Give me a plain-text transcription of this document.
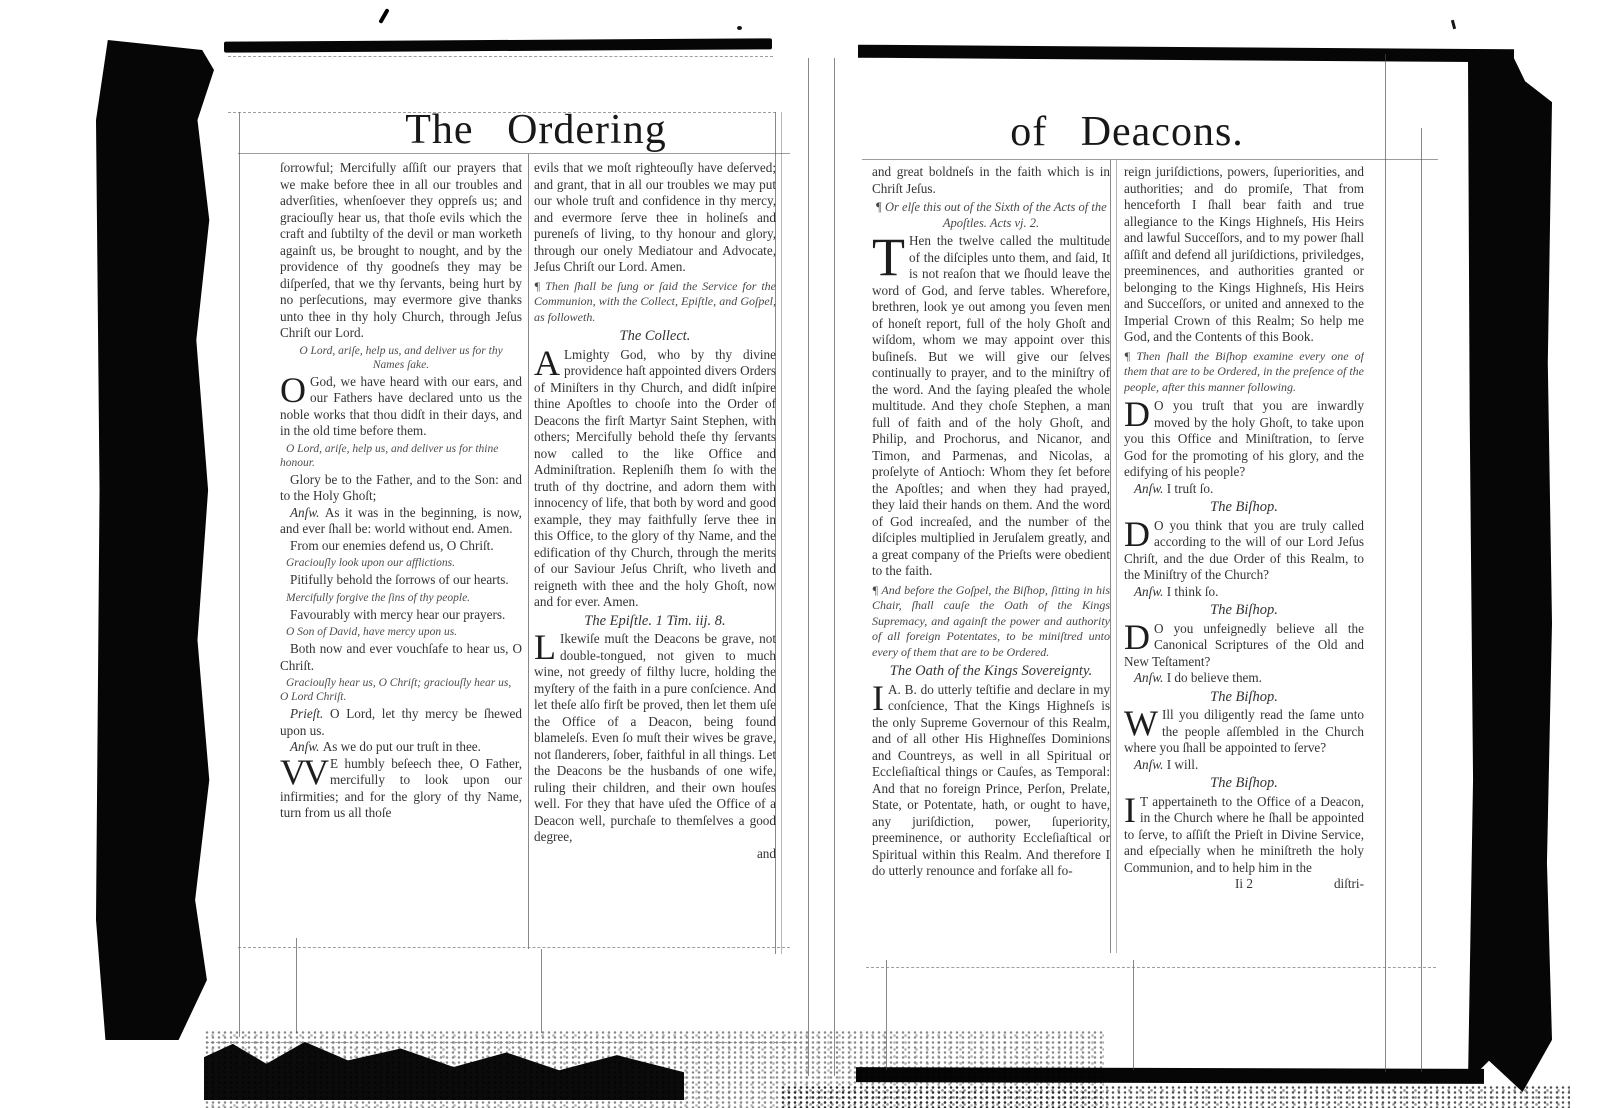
The Ordering	of Deacons.
ſorrowful; Mercifully aſſiſt our prayers that we make before thee in all our troubles and adverſities, whenſoever they oppreſs us; and graciouſly hear us, that thoſe evils which the craft and ſubtilty of the devil or man worketh againſt us, be brought to nought, and by the providence of thy goodneſs they may be diſperſed, that we thy ſervants, being hurt by no perſecutions, may evermore give thanks unto thee in thy holy Church, through Jeſus Chriſt our Lord.
O Lord, ariſe, help us, and deliver us for thy Names ſake.
O God, we have heard with our ears, and our Fathers have declared unto us the noble works that thou didſt in their days, and in the old time before them.
O Lord, ariſe, help us, and deliver us for thine honour.
Glory be to the Father, and to the Son: and to the Holy Ghoſt;
Anſw. As it was in the beginning, is now, and ever ſhall be: world without end. Amen.
From our enemies defend us, O Chriſt.
Graciouſly look upon our afflictions.
Pitifully behold the ſorrows of our hearts.
Mercifully forgive the ſins of thy people.
Favourably with mercy hear our prayers.
O Son of David, have mercy upon us.
Both now and ever vouchſafe to hear us, O Chriſt.
Graciouſly hear us, O Chriſt; graciouſly hear us, O Lord Chriſt.
Prieſt. O Lord, let thy mercy be ſhewed upon us.
Anſw. As we do put our truſt in thee.
VV E humbly beſeech thee, O Father, mercifully to look upon our infirmities; and for the glory of thy Name, turn from us all thoſe
evils that we moſt righteouſly have deſerved; and grant, that in all our troubles we may put our whole truſt and confidence in thy mercy, and evermore ſerve thee in holineſs and pureneſs of living, to thy honour and glory, through our onely Mediatour and Advocate, Jeſus Chriſt our Lord. Amen.
¶ Then ſhall be ſung or ſaid the Service for the Communion, with the Collect, Epiſtle, and Goſpel, as followeth.
The Collect.
A Lmighty God, who by thy divine providence haſt appointed divers Orders of Miniſters in thy Church, and didſt inſpire thine Apoſtles to chooſe into the Order of Deacons the firſt Martyr Saint Stephen, with others; Mercifully behold theſe thy ſervants now called to the like Office and Adminiſtration. Repleniſh them ſo with the truth of thy doctrine, and adorn them with innocency of life, that both by word and good example, they may faithfully ſerve thee in this Office, to the glory of thy Name, and the edification of thy Church, through the merits of our Saviour Jeſus Chriſt, who liveth and reigneth with thee and the holy Ghoſt, now and for ever. Amen.
The Epiſtle. 1 Tim. iij. 8.
L Ikewiſe muſt the Deacons be grave, not double-tongued, not given to much wine, not greedy of filthy lucre, holding the myſtery of the faith in a pure conſcience. And let theſe alſo firſt be proved, then let them uſe the Office of a Deacon, being found blameleſs. Even ſo muſt their wives be grave, not ſlanderers, ſober, faithful in all things. Let the Deacons be the husbands of one wife, ruling their children, and their own houſes well. For they that have uſed the Office of a Deacon well, purchaſe to themſelves a good degree,
and
and great boldneſs in the faith which is in Chriſt Jeſus.
¶ Or elſe this out of the Sixth of the Acts of the Apoſtles. Acts vj. 2.
T Hen the twelve called the multitude of the diſciples unto them, and ſaid, It is not reaſon that we ſhould leave the word of God, and ſerve tables. Wherefore, brethren, look ye out among you ſeven men of honeſt report, full of the holy Ghoſt and wiſdom, whom we may appoint over this buſineſs. But we will give our ſelves continually to prayer, and to the miniſtry of the word. And the ſaying pleaſed the whole multitude. And they choſe Stephen, a man full of faith and of the holy Ghoſt, and Philip, and Prochorus, and Nicanor, and Timon, and Parmenas, and Nicolas, a proſelyte of Antioch: Whom they ſet before the Apoſtles; and when they had prayed, they laid their hands on them. And the word of God increaſed, and the number of the diſciples multiplied in Jeruſalem greatly, and a great company of the Prieſts were obedient to the faith.
¶ And before the Goſpel, the Biſhop, ſitting in his Chair, ſhall cauſe the Oath of the Kings Supremacy, and againſt the power and authority of all foreign Potentates, to be miniſtred unto every of them that are to be Ordered.
The Oath of the Kings Sovereignty.
I A. B. do utterly teſtifie and declare in my conſcience, That the Kings Highneſs is the only Supreme Governour of this Realm, and of all other His Highneſſes Dominions and Countreys, as well in all Spiritual or Eccleſiaſtical things or Cauſes, as Temporal: And that no foreign Prince, Perſon, Prelate, State, or Potentate, hath, or ought to have, any juriſdiction, power, ſuperiority, preeminence, or authority Eccleſiaſtical or Spiritual within this Realm. And therefore I do utterly renounce and forſake all fo-
reign juriſdictions, powers, ſuperiorities, and authorities; and do promiſe, That from henceforth I ſhall bear faith and true allegiance to the Kings Highneſs, His Heirs and lawful Succeſſors, and to my power ſhall aſſiſt and defend all juriſdictions, priviledges, preeminences, and authorities granted or belonging to the Kings Highneſs, His Heirs and Succeſſors, or united and annexed to the Imperial Crown of this Realm; So help me God, and the Contents of this Book.
¶ Then ſhall the Biſhop examine every one of them that are to be Ordered, in the preſence of the people, after this manner following.
D O you truſt that you are inwardly moved by the holy Ghoſt, to take upon you this Office and Miniſtration, to ſerve God for the promoting of his glory, and the edifying of his people?
Anſw. I truſt ſo.
The Biſhop.
D O you think that you are truly called according to the will of our Lord Jeſus Chriſt, and the due Order of this Realm, to the Miniſtry of the Church?
Anſw. I think ſo.
The Biſhop.
D O you unfeignedly believe all the Canonical Scriptures of the Old and New Teſtament?
Anſw. I do believe them.
The Biſhop.
W Ill you diligently read the ſame unto the people aſſembled in the Church where you ſhall be appointed to ſerve?
Anſw. I will.
The Biſhop.
I T appertaineth to the Office of a Deacon, in the Church where he ſhall be appointed to ſerve, to aſſiſt the Prieſt in Divine Service, and eſpecially when he miniſtreth the holy Communion, and to help him in the
Ii 2	diſtri-
